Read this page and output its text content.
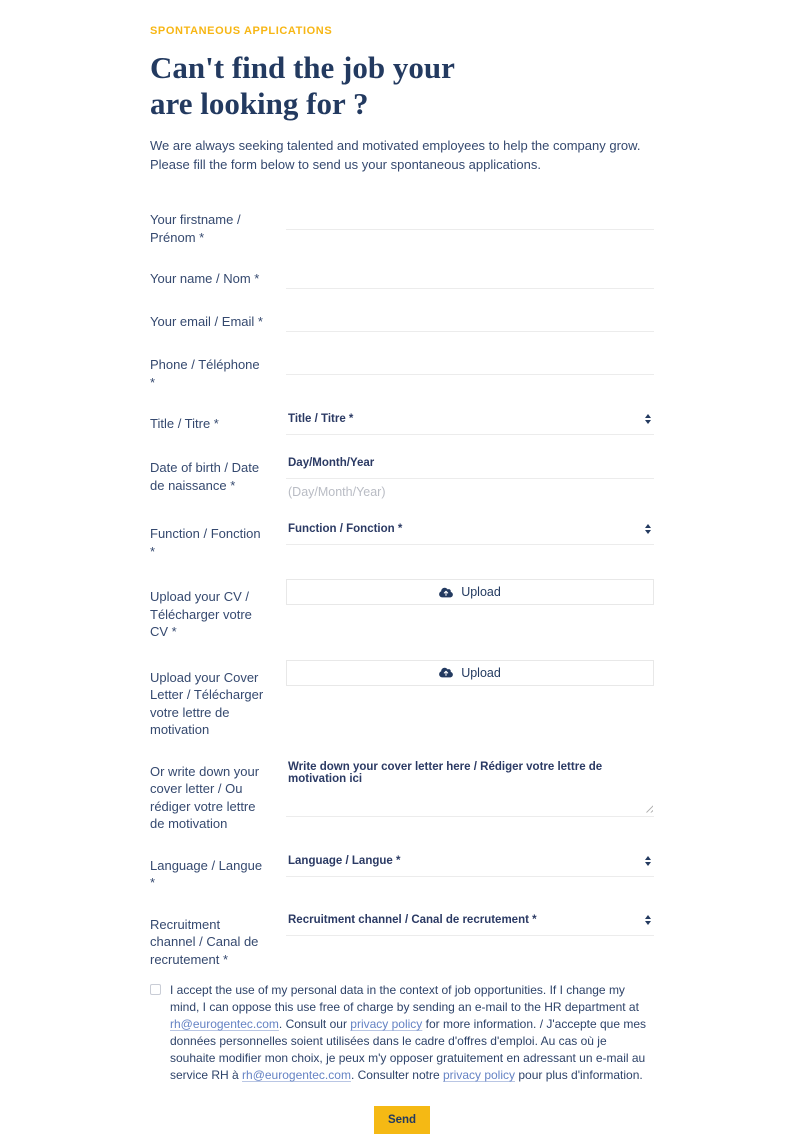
SPONTANEOUS APPLICATIONS
Can't find the job your
are looking for ?

We are always seeking talented and motivated employees to help the company grow. Please fill the form below to send us your spontaneous applications.

Your firstname / Prénom *
Your name / Nom *
Your email / Email *
Phone / Téléphone *
Title / Titre *	Title / Titre *
Date of birth / Date de naissance *
Day/Month/Year
(Day/Month/Year)
Function / Fonction *
Function / Fonction *
Upload your CV / Télécharger votre CV *
Upload
Upload your Cover Letter / Télécharger votre lettre de motivation
Upload
Or write down your cover letter / Ou rédiger votre lettre de motivation
Write down your cover letter here / Rédiger votre lettre de motivation ici
Language / Langue *
Language / Langue *
Recruitment channel / Canal de recrutement *
Recruitment channel / Canal de recrutement *
I accept the use of my personal data in the context of job opportunities. If I change my mind, I can oppose this use free of charge by sending an e-mail to the HR department at rh@eurogentec.com. Consult our privacy policy for more information. / J'accepte que mes données personnelles soient utilisées dans le cadre d'offres d'emploi. Au cas où je souhaite modifier mon choix, je peux m'y opposer gratuitement en adressant un e-mail au service RH à rh@eurogentec.com. Consulter notre privacy policy pour plus d'information.
Send
